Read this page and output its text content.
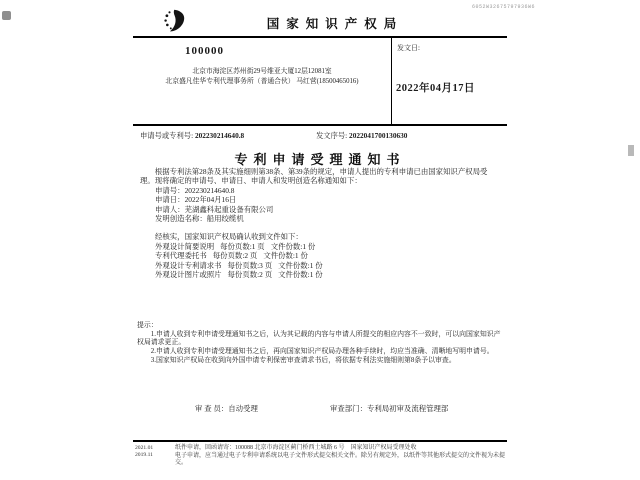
国家知识产权局
6052W32675797936W6
100000
北京市海淀区苏州街29号维亚大厦12层12081室
北京盛凡佳华专利代理事务所（普通合伙） 马红营(18500465016)
发文日:
2022年04月17日
申请号或专利号: 202230214640.8	发文序号: 2022041700130630
专利申请受理通知书

根据专利法第28条及其实施细则第38条、第39条的规定，申请人提出的专利申请已由国家知识产权局受理。现将确定的申请号、申请日、申请人和发明创造名称通知如下：

申请号：202230214640.8
申请日：2022年04月16日
申请人：芜湖鑫科起重设备有限公司
发明创造名称：船用绞缆机
经核实，国家知识产权局确认收到文件如下：
外观设计简要说明 每份页数:1 页 文件份数:1 份
专利代理委托书 每份页数:2 页 文件份数:1 份
外观设计专利请求书 每份页数:3 页 文件份数:1 份
外观设计图片或照片 每份页数:2 页 文件份数:1 份
提示：

1.申请人收到专利申请受理通知书之后，认为其记载的内容与申请人所提交的相应内容不一致时，可以向国家知识产权局请求更正。

2.申请人收到专利申请受理通知书之后，再向国家知识产权局办理各种手续时，均应当准确、清晰地写明申请号。

3.国家知识产权局在收到向外国申请专利保密审查请求书后，将依据专利法实施细则第8条予以审查。

审 查 员：自动受理	审查部门：专利局初审及流程管理部
2021.01
2019.11
纸件申请，回函请寄：100088 北京市海淀区蓟门桥西土城路 6 号　国家知识产权局受理处收
电子申请，应当通过电子专利申请系统以电子文件形式提交相关文件。除另有规定外，以纸件等其他形式提交的文件视为未提交。
